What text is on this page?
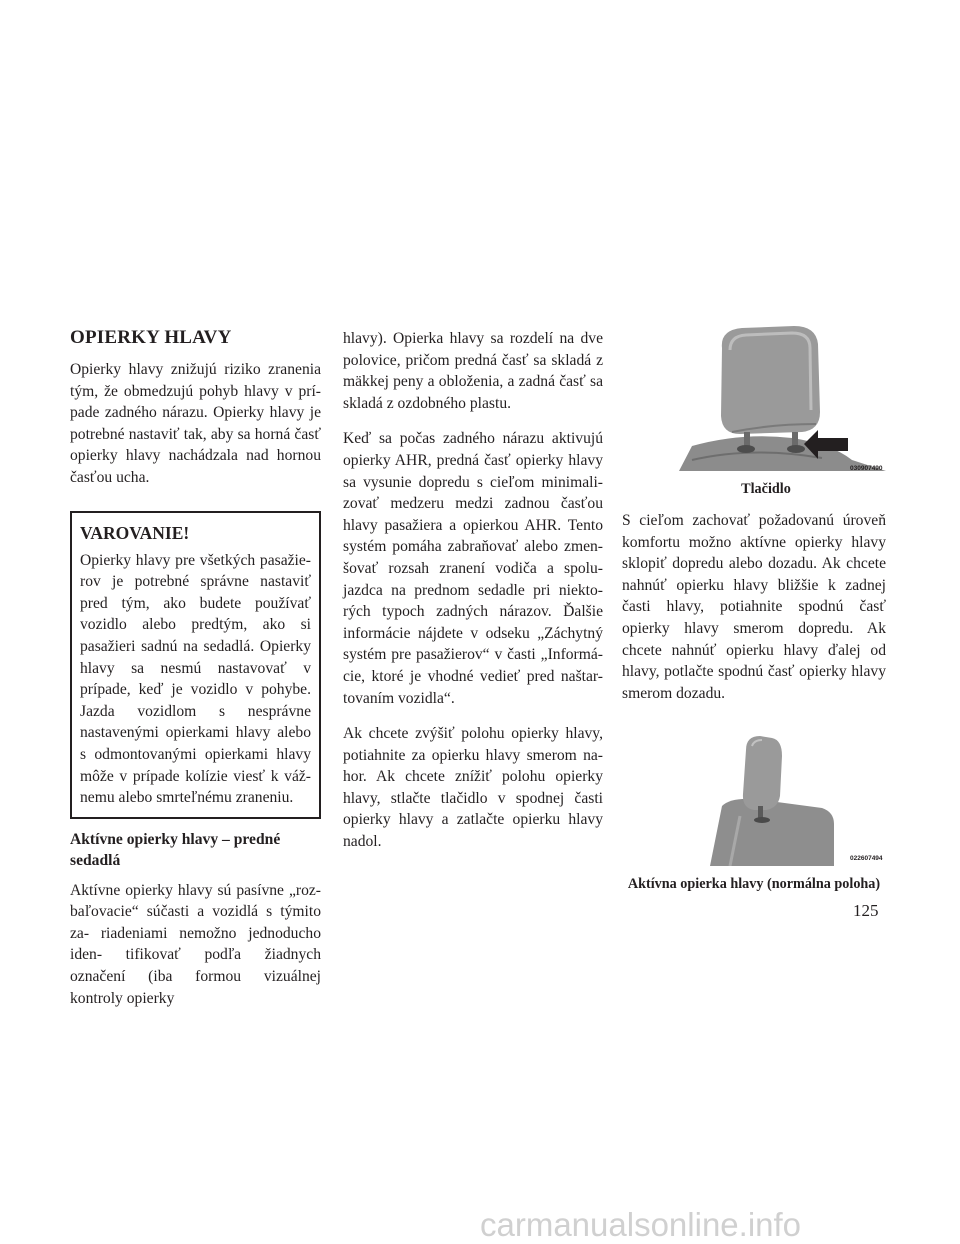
OPIERKY HLAVY

Opierky hlavy znižujú riziko zranenia tým, že obmedzujú pohyb hlavy v prí- pade zadného nárazu. Opierky hlavy je potrebné nastaviť tak, aby sa horná časť opierky hlavy nachádzala nad hornou časťou ucha.

VAROVANIE!

Opierky hlavy pre všetkých pasažie- rov je potrebné správne nastaviť pred tým, ako budete používať vozidlo alebo predtým, ako si pasažieri sadnú na sedadlá. Opierky hlavy sa nesmú nastavovať v prípade, keď je vozidlo v pohybe. Jazda vozidlom s nesprávne nastavenými opierkami hlavy alebo s odmontovanými opierkami hlavy môže v prípade kolízie viesť k váž- nemu alebo smrteľnému zraneniu.

Aktívne opierky hlavy – predné sedadlá

Aktívne opierky hlavy sú pasívne „roz- baľovacie“ súčasti a vozidlá s týmito za- riadeniami nemožno jednoducho iden- tifikovať podľa žiadnych označení (iba formou vizuálnej kontroly opierky

hlavy). Opierka hlavy sa rozdelí na dve polovice, pričom predná časť sa skladá z mäkkej peny a obloženia, a zadná časť sa skladá z ozdobného plastu.

Keď sa počas zadného nárazu aktivujú opierky AHR, predná časť opierky hlavy sa vysunie dopredu s cieľom minimali- zovať medzeru medzi zadnou časťou hlavy pasažiera a opierkou AHR. Tento systém pomáha zabraňovať alebo zmen- šovať rozsah zranení vodiča a spolu- jazdca na prednom sedadle pri niekto- rých typoch zadných nárazov. Ďalšie informácie nájdete v odseku „Záchytný systém pre pasažierov“ v časti „Informá- cie, ktoré je vhodné vedieť pred naštar- tovaním vozidla“.

Ak chcete zvýšiť polohu opierky hlavy, potiahnite za opierku hlavy smerom na- hor. Ak chcete znížiť polohu opierky hlavy, stlačte tlačidlo v spodnej časti opierky hlavy a zatlačte opierku hlavy nadol.

030907490
Tlačidlo

S cieľom zachovať požadovanú úroveň komfortu možno aktívne opierky hlavy sklopiť dopredu alebo dozadu. Ak chcete nahnúť opierku hlavy bližšie k zadnej časti hlavy, potiahnite spodnú časť opierky hlavy smerom dopredu. Ak chcete nahnúť opierku hlavy ďalej od hlavy, potlačte spodnú časť opierky hlavy smerom dozadu.

022607494
Aktívna opierka hlavy (normálna poloha)
125
carmanualsonline.info
